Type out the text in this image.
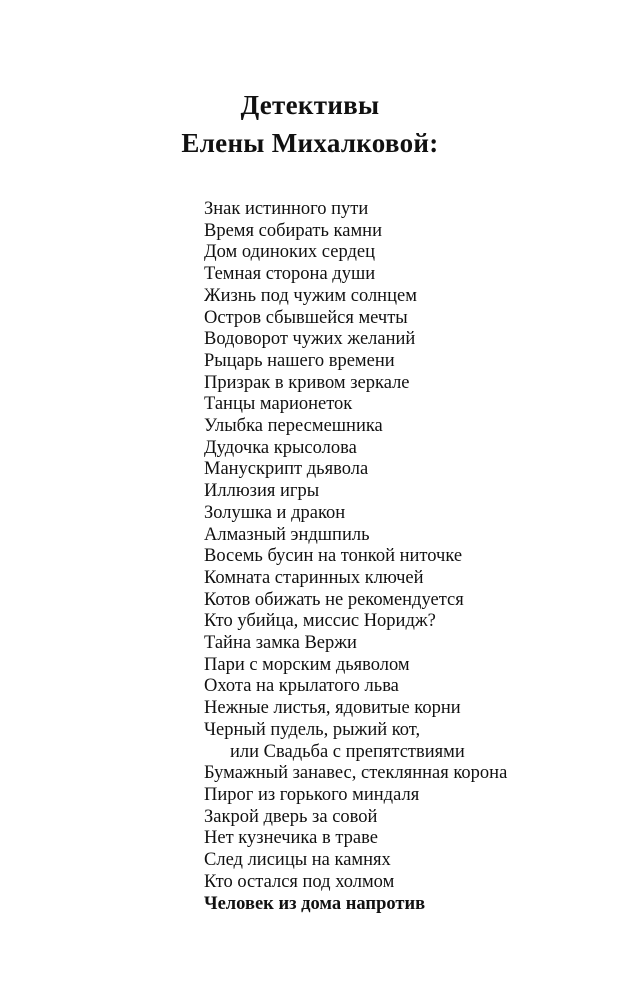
Детективы
Елены Михалковой:
Знак истинного пути
Время собирать камни
Дом одиноких сердец
Темная сторона души
Жизнь под чужим солнцем
Остров сбывшейся мечты
Водоворот чужих желаний
Рыцарь нашего времени
Призрак в кривом зеркале
Танцы марионеток
Улыбка пересмешника
Дудочка крысолова
Манускрипт дьявола
Иллюзия игры
Золушка и дракон
Алмазный эндшпиль
Восемь бусин на тонкой ниточке
Комната старинных ключей
Котов обижать не рекомендуется
Кто убийца, миссис Норидж?
Тайна замка Вержи
Пари с морским дьяволом
Охота на крылатого льва
Нежные листья, ядовитые корни
Черный пудель, рыжий кот,
или Свадьба с препятствиями
Бумажный занавес, стеклянная корона
Пирог из горького миндаля
Закрой дверь за совой
Нет кузнечика в траве
След лисицы на камнях
Кто остался под холмом
Человек из дома напротив
